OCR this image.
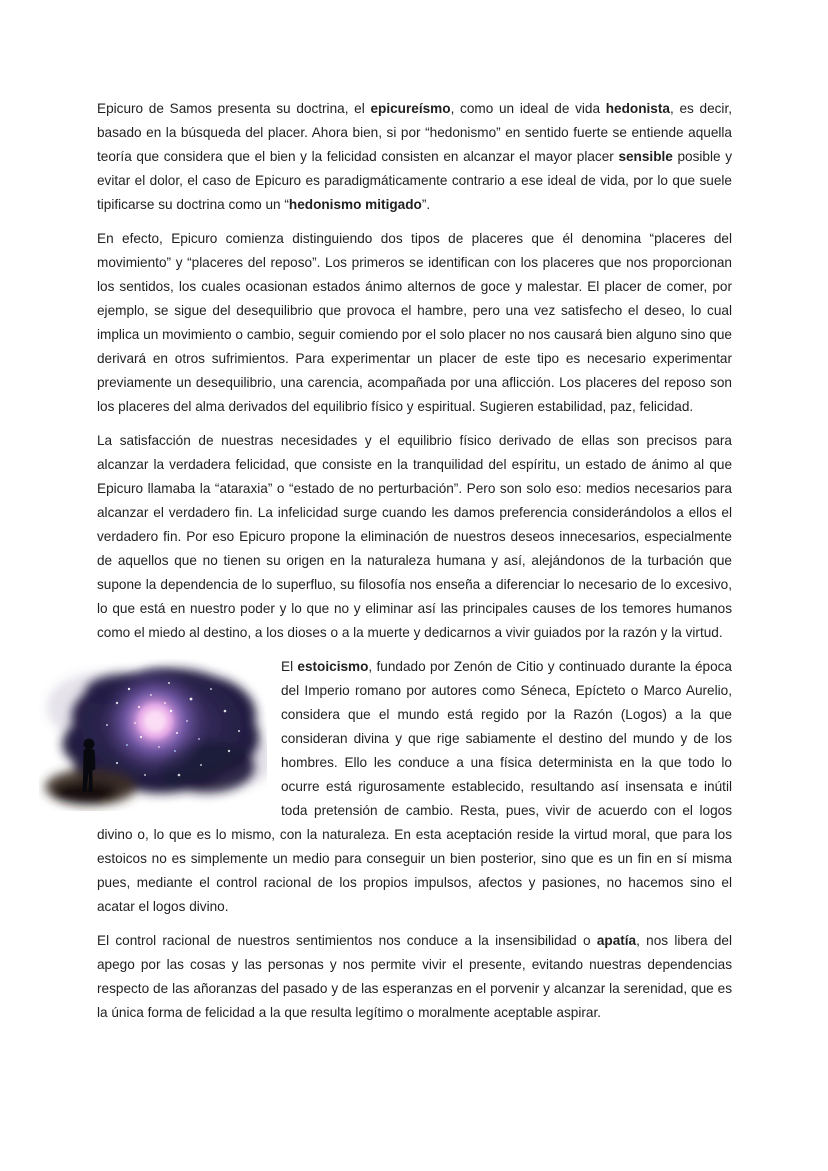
Epicuro de Samos presenta su doctrina, el epicureísmo, como un ideal de vida hedonista, es decir, basado en la búsqueda del placer. Ahora bien, si por “hedonismo” en sentido fuerte se entiende aquella teoría que considera que el bien y la felicidad consisten en alcanzar el mayor placer sensible posible y evitar el dolor, el caso de Epicuro es paradigmáticamente contrario a ese ideal de vida, por lo que suele tipificarse su doctrina como un “hedonismo mitigado”.

En efecto, Epicuro comienza distinguiendo dos tipos de placeres que él denomina “placeres del movimiento” y “placeres del reposo”. Los primeros se identifican con los placeres que nos proporcionan los sentidos, los cuales ocasionan estados ánimo alternos de goce y malestar. El placer de comer, por ejemplo, se sigue del desequilibrio que provoca el hambre, pero una vez satisfecho el deseo, lo cual implica un movimiento o cambio, seguir comiendo por el solo placer no nos causará bien alguno sino que derivará en otros sufrimientos. Para experimentar un placer de este tipo es necesario experimentar previamente un desequilibrio, una carencia, acompañada por una aflicción. Los placeres del reposo son los placeres del alma derivados del equilibrio físico y espiritual. Sugieren estabilidad, paz, felicidad.

La satisfacción de nuestras necesidades y el equilibrio físico derivado de ellas son precisos para alcanzar la verdadera felicidad, que consiste en la tranquilidad del espíritu, un estado de ánimo al que Epicuro llamaba la “ataraxia” o “estado de no perturbación”. Pero son solo eso: medios necesarios para alcanzar el verdadero fin. La infelicidad surge cuando les damos preferencia considerándolos a ellos el verdadero fin. Por eso Epicuro propone la eliminación de nuestros deseos innecesarios, especialmente de aquellos que no tienen su origen en la naturaleza humana y así, alejándonos de la turbación que supone la dependencia de lo superfluo, su filosofía nos enseña a diferenciar lo necesario de lo excesivo, lo que está en nuestro poder y lo que no y eliminar así las principales causes de los temores humanos como el miedo al destino, a los dioses o a la muerte y dedicarnos a vivir guiados por la razón y la virtud.

El estoicismo, fundado por Zenón de Citio y continuado durante la época del Imperio romano por autores como Séneca, Epícteto o Marco Aurelio, considera que el mundo está regido por la Razón (Logos) a la que consideran divina y que rige sabiamente el destino del mundo y de los hombres. Ello les conduce a una física determinista en la que todo lo ocurre está rigurosamente establecido, resultando así insensata e inútil toda pretensión de cambio. Resta, pues, vivir de acuerdo con el logos divino o, lo que es lo mismo, con la naturaleza. En esta aceptación reside la virtud moral, que para los estoicos no es simplemente un medio para conseguir un bien posterior, sino que es un fin en sí misma pues, mediante el control racional de los propios impulsos, afectos y pasiones, no hacemos sino el acatar el logos divino.

El control racional de nuestros sentimientos nos conduce a la insensibilidad o apatía, nos libera del apego por las cosas y las personas y nos permite vivir el presente, evitando nuestras dependencias respecto de las añoranzas del pasado y de las esperanzas en el porvenir y alcanzar la serenidad, que es la única forma de felicidad a la que resulta legítimo o moralmente aceptable aspirar.
